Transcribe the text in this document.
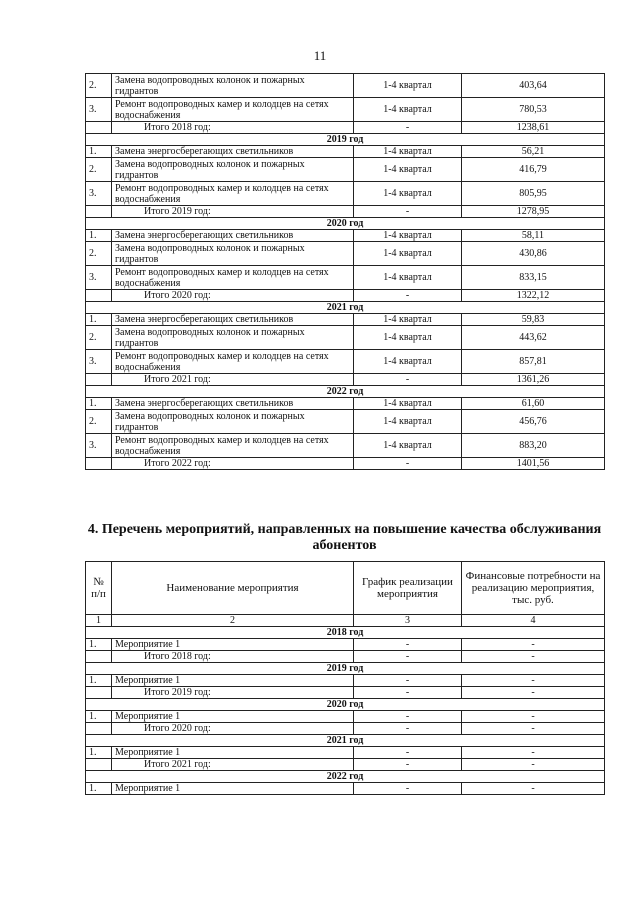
11
2.	Замена водопроводных колонок и пожарных гидрантов	1-4 квартал	403,64
3.	Ремонт водопроводных камер и колодцев на сетях водоснабжения	1-4 квартал	780,53
	Итого 2018 год:	-	1238,61
2019 год			
1.	Замена энергосберегающих светильников	1-4 квартал	56,21
2.	Замена водопроводных колонок и пожарных гидрантов	1-4 квартал	416,79
3.	Ремонт водопроводных камер и колодцев на сетях водоснабжения	1-4 квартал	805,95
	Итого 2019 год:	-	1278,95
2020 год			
1.	Замена энергосберегающих светильников	1-4 квартал	58,11
2.	Замена водопроводных колонок и пожарных гидрантов	1-4 квартал	430,86
3.	Ремонт водопроводных камер и колодцев на сетях водоснабжения	1-4 квартал	833,15
	Итого 2020 год:	-	1322,12
2021 год			
1.	Замена энергосберегающих светильников	1-4 квартал	59,83
2.	Замена водопроводных колонок и пожарных гидрантов	1-4 квартал	443,62
3.	Ремонт водопроводных камер и колодцев на сетях водоснабжения	1-4 квартал	857,81
	Итого 2021 год:	-	1361,26
2022 год			
1.	Замена энергосберегающих светильников	1-4 квартал	61,60
2.	Замена водопроводных колонок и пожарных гидрантов	1-4 квартал	456,76
3.	Ремонт водопроводных камер и колодцев на сетях водоснабжения	1-4 квартал	883,20
	Итого 2022 год:	-	1401,56
4. Перечень мероприятий, направленных на повышение качества обслуживания абонентов
№ п/п	Наименование мероприятия	График реализации мероприятия	Финансовые потребности на реализацию мероприятия, тыс. руб.
1	2	3	4
2018 год			
1.	Мероприятие 1	-	-
	Итого 2018 год:	-	-
2019 год			
1.	Мероприятие 1	-	-
	Итого 2019 год:	-	-
2020 год			
1.	Мероприятие 1	-	-
	Итого 2020 год:	-	-
2021 год			
1.	Мероприятие 1	-	-
	Итого 2021 год:	-	-
2022 год			
1.	Мероприятие 1	-	-
